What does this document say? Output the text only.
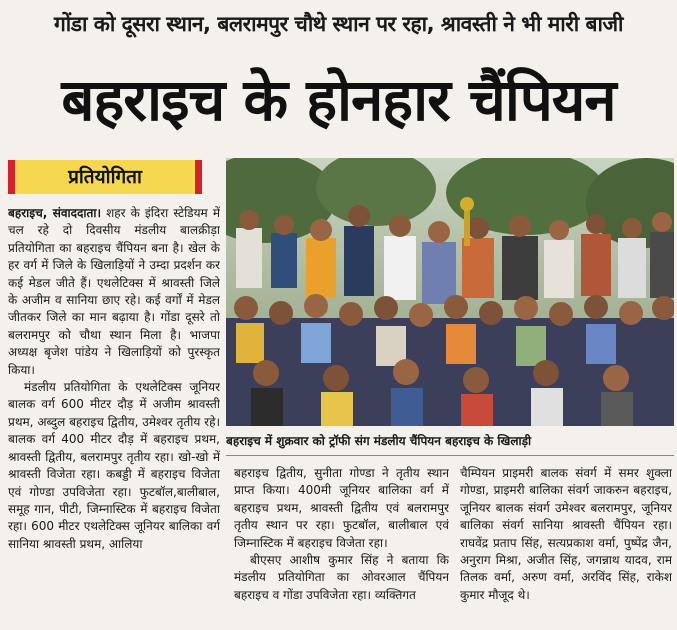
गोंडा को दूसरा स्थान, बलरामपुर चौथे स्थान पर रहा, श्रावस्ती ने भी मारी बाजी
बहराइच के होनहार चैंपियन
प्रतियोगिता

बहराइच, संवाददाता। शहर के इंदिरा स्टेडियम में चल रहे दो दिवसीय मंडलीय बालक्रीड़ा प्रतियोगिता का बहराइच चैंपियन बना है। खेल के हर वर्ग में जिले के खिलाड़ियों ने उम्दा प्रदर्शन कर कई मेडल जीते हैं। एथलेटिक्स में श्रावस्ती जिले के अजीम व सानिया छाए रहे। कई वर्गों में मेडल जीतकर जिले का मान बढ़ाया है। गोंडा दूसरे तो बलरामपुर को चौथा स्थान मिला है। भाजपा अध्यक्ष बृजेश पांडेय ने खिलाड़ियों को पुरस्कृत किया।

मंडलीय प्रतियोगिता के एथलेटिक्स जूनियर बालक वर्ग 600 मीटर दौड़ में अजीम श्रावस्ती प्रथम, अब्दुल बहराइच द्वितीय, उमेश्वर तृतीय रहे। बालक वर्ग 400 मीटर दौड़ में बहराइच प्रथम, श्रावस्ती द्वितीय, बलरामपुर तृतीय रहा। खो-खो में श्रावस्ती विजेता रहा। कबड्डी में बहराइच विजेता एवं गोण्डा उपविजेता रहा। फुटबॉल,बालीबाल, समूह गान, पीटी, जिम्नास्टिक में बहराइच विजेता रहा। 600 मीटर एथलेटिक्स जूनियर बालिका वर्ग सानिया श्रावस्ती प्रथम, आलिया

बहराइच में शुक्रवार को ट्रॉफी संग मंडलीय चैंपियन बहराइच के खिलाड़ी

बहराइच द्वितीय, सुनीता गोण्डा ने तृतीय स्थान प्राप्त किया। 400मी जूनियर बालिका वर्ग में बहराइच प्रथम, श्रावस्ती द्वितीय एवं बलरामपुर तृतीय स्थान पर रहा। फुटबॉल, बालीबाल एवं जिम्नास्टिक में बहराइच विजेता रहा।

बीएसए आशीष कुमार सिंह ने बताया कि मंडलीय प्रतियोगिता का ओवरआल चैंपियन बहराइच व गोंडा उपविजेता रहा। व्यक्तिगत

चैम्पियन प्राइमरी बालक संवर्ग में समर शुक्ला गोण्डा, प्राइमरी बालिका संवर्ग जाकरुन बहराइच, जूनियर बालक संवर्ग उमेश्वर बलरामपुर, जूनियर बालिका संवर्ग सानिया श्रावस्ती चैंपियन रहा। राघवेंद्र प्रताप सिंह, सत्यप्रकाश वर्मा, पुष्पेंद्र जैन, अनुराग मिश्रा, अजीत सिंह, जगन्नाथ यादव, राम तिलक वर्मा, अरुण वर्मा, अरविंद सिंह, राकेश कुमार मौजूद थे।
